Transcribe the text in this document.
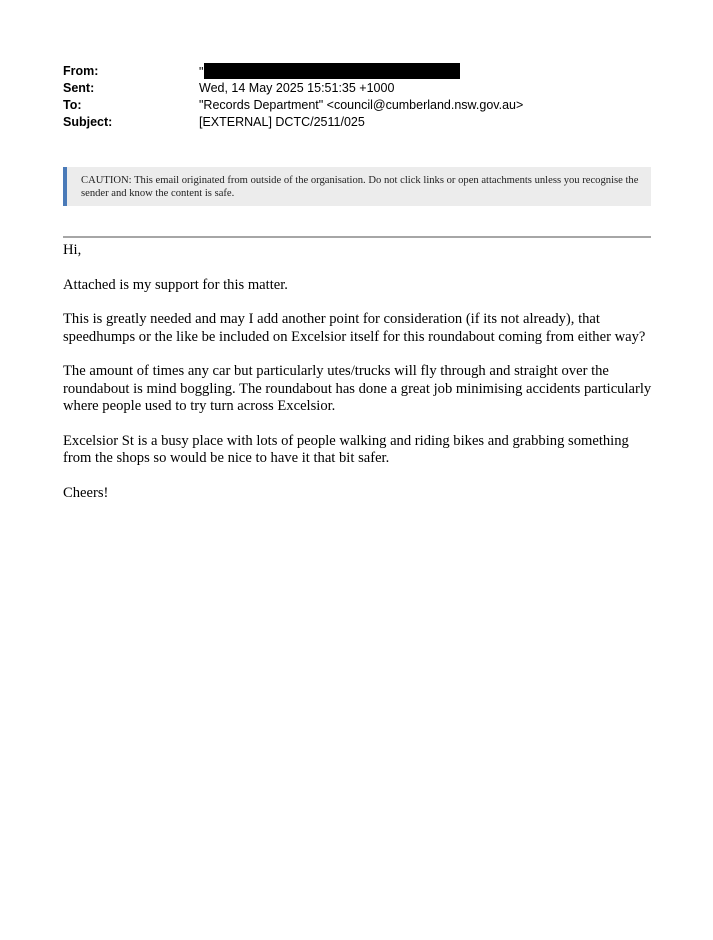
From:	"
Sent:	Wed, 14 May 2025 15:51:35 +1000
To:	"Records Department" <council@cumberland.nsw.gov.au>
Subject:	[EXTERNAL] DCTC/2511/025
CAUTION: This email originated from outside of the organisation. Do not click links or open attachments unless you recognise the sender and know the content is safe.

Hi,

Attached is my support for this matter.

This is greatly needed and may I add another point for consideration (if its not already), that speedhumps or the like be included on Excelsior itself for this roundabout coming from either way?

The amount of times any car but particularly utes/trucks will fly through and straight over the roundabout is mind boggling. The roundabout has done a great job minimising accidents particularly where people used to try turn across Excelsior.

Excelsior St is a busy place with lots of people walking and riding bikes and grabbing something from the shops so would be nice to have it that bit safer.

Cheers!
